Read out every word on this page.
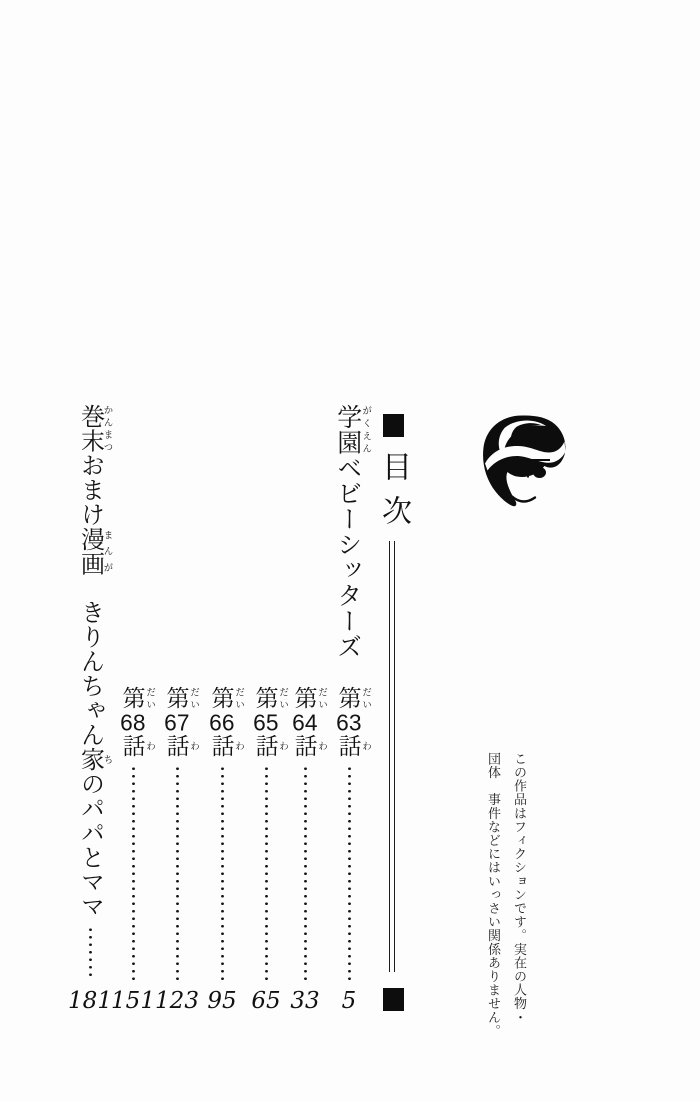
目次
学園がくえんベビーシッターズ
第だい63話わ
5
第だい64話わ
33
第だい65話わ
65
第だい66話わ
95
第だい67話わ
123
第だい68話わ
151
巻末かんまつおまけ漫画まんが　きりんちゃん家ちのパパとママ
181	この作品はフィクションです。実在の人物・
団体　事件などにはいっさい関係ありません。
